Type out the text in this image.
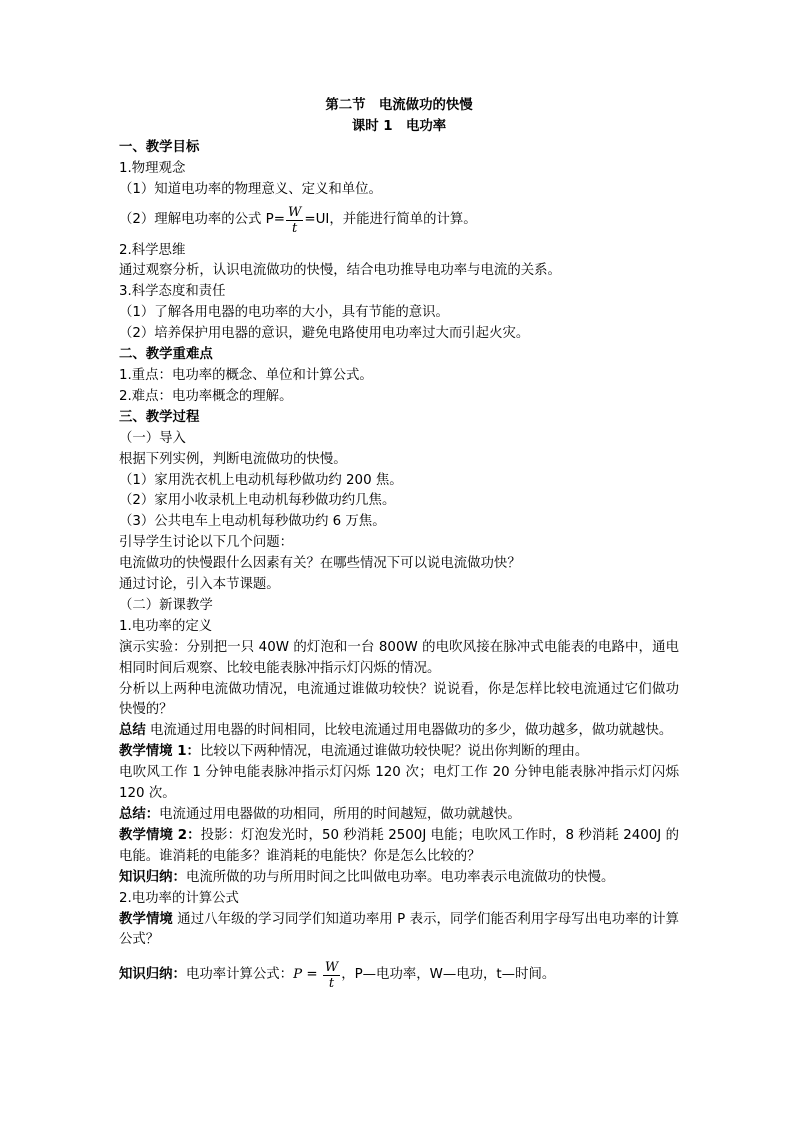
第二节　电流做功的快慢
课时 1　电功率
一、教学目标
1.物理观念
（1）知道电功率的物理意义、定义和单位。
（2）理解电功率的公式 $P= \frac{W}{t} =UI$，并能进行简单的计算。
2.科学思维
通过观察分析，认识电流做功的快慢，结合电功推导电功率与电流的关系。
3.科学态度和责任
（1）了解各用电器的电功率的大小，具有节能的意识。
（2）培养保护用电器的意识，避免电路使用电功率过大而引起火灾。
二、教学重难点
1.重点：电功率的概念、单位和计算公式。
2.难点：电功率概念的理解。
三、教学过程
（一）导入
根据下列实例，判断电流做功的快慢。
（1）家用洗衣机上电动机每秒做功约 200 焦。
（2）家用小收录机上电动机每秒做功约几焦。
（3）公共电车上电动机每秒做功约 6 万焦。
引导学生讨论以下几个问题：
电流做功的快慢跟什么因素有关？在哪些情况下可以说电流做功快？
通过讨论，引入本节课题。
（二）新课教学
1.电功率的定义
演示实验：分别把一只 40W 的灯泡和一台 800W 的电吹风接在脉冲式电能表的电路中，通电相同时间后观察、比较电能表脉冲指示灯闪烁的情况。
分析以上两种电流做功情况，电流通过谁做功较快？说说看，你是怎样比较电流通过它们做功快慢的？
总结 电流通过用电器的时间相同，比较电流通过用电器做功的多少，做功越多，做功就越快。
教学情境 1：比较以下两种情况，电流通过谁做功较快呢？说出你判断的理由。
电吹风工作 1 分钟电能表脉冲指示灯闪烁 120 次；电灯工作 20 分钟电能表脉冲指示灯闪烁 120 次。
总结：电流通过用电器做的功相同，所用的时间越短，做功就越快。
教学情境 2：投影：灯泡发光时，50 秒消耗 2500J 电能；电吹风工作时，8 秒消耗 2400J 的电能。谁消耗的电能多？谁消耗的电能快？你是怎么比较的？
知识归纳：电流所做的功与所用时间之比叫做电功率。电功率表示电流做功的快慢。
2.电功率的计算公式
教学情境 通过八年级的学习同学们知道功率用 P 表示，同学们能否利用字母写出电功率的计算公式？
知识归纳： 电功率计算公式： $P = \frac{W}{t}$ ，P—电功率，W—电功，t—时间。
